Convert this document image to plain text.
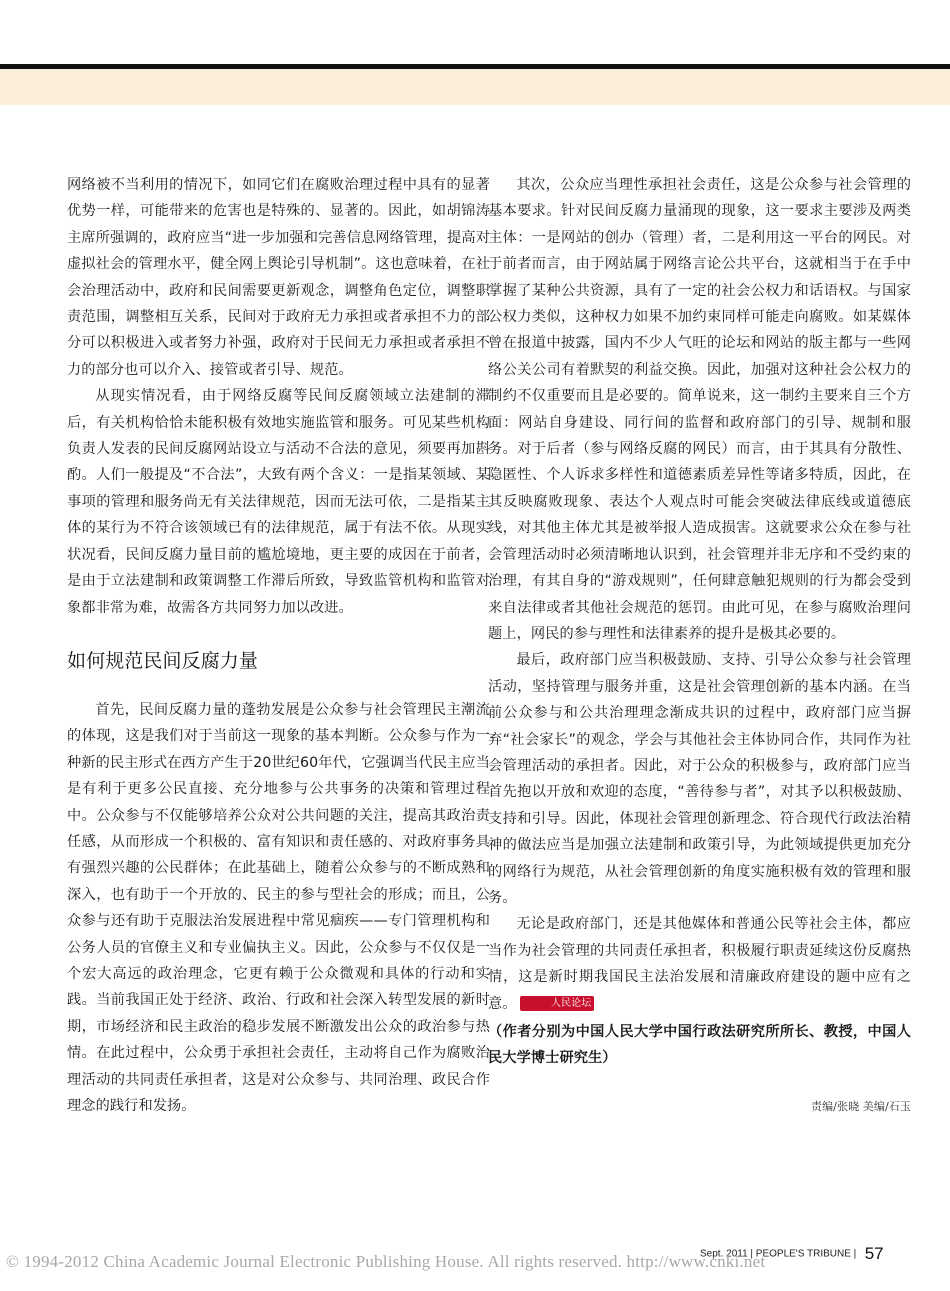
网络被不当利用的情况下，如同它们在腐败治理过程中具有的显著优势一样，可能带来的危害也是特殊的、显著的。因此，如胡锦涛主席所强调的，政府应当“进一步加强和完善信息网络管理，提高对虚拟社会的管理水平，健全网上舆论引导机制”。这也意味着，在社会治理活动中，政府和民间需要更新观念，调整角色定位，调整职责范围，调整相互关系，民间对于政府无力承担或者承担不力的部分可以积极进入或者努力补强，政府对于民间无力承担或者承担不力的部分也可以介入、接管或者引导、规范。

从现实情况看，由于网络反腐等民间反腐领域立法建制的滞后，有关机构恰恰未能积极有效地实施监管和服务。可见某些机构负责人发表的民间反腐网站设立与活动不合法的意见，须要再加斟酌。人们一般提及“不合法”，大致有两个含义：一是指某领域、某事项的管理和服务尚无有关法律规范，因而无法可依，二是指某主体的某行为不符合该领域已有的法律规范，属于有法不依。从现实状况看，民间反腐力量目前的尴尬境地，更主要的成因在于前者，是由于立法建制和政策调整工作滞后所致，导致监管机构和监管对象都非常为难，故需各方共同努力加以改进。

如何规范民间反腐力量

首先，民间反腐力量的蓬勃发展是公众参与社会管理民主潮流的体现，这是我们对于当前这一现象的基本判断。公众参与作为一种新的民主形式在西方产生于20世纪60年代，它强调当代民主应当是有利于更多公民直接、充分地参与公共事务的决策和管理过程中。公众参与不仅能够培养公众对公共问题的关注，提高其政治责任感，从而形成一个积极的、富有知识和责任感的、对政府事务具有强烈兴趣的公民群体；在此基础上，随着公众参与的不断成熟和深入，也有助于一个开放的、民主的参与型社会的形成；而且，公众参与还有助于克服法治发展进程中常见痼疾——专门管理机构和公务人员的官僚主义和专业偏执主义。因此，公众参与不仅仅是一个宏大高远的政治理念，它更有赖于公众微观和具体的行动和实践。当前我国正处于经济、政治、行政和社会深入转型发展的新时期，市场经济和民主政治的稳步发展不断激发出公众的政治参与热情。在此过程中，公众勇于承担社会责任，主动将自己作为腐败治理活动的共同责任承担者，这是对公众参与、共同治理、政民合作理念的践行和发扬。

其次，公众应当理性承担社会责任，这是公众参与社会管理的基本要求。针对民间反腐力量涌现的现象，这一要求主要涉及两类主体：一是网站的创办（管理）者，二是利用这一平台的网民。对于前者而言，由于网站属于网络言论公共平台，这就相当于在手中掌握了某种公共资源，具有了一定的社会公权力和话语权。与国家公权力类似，这种权力如果不加约束同样可能走向腐败。如某媒体曾在报道中披露，国内不少人气旺的论坛和网站的版主都与一些网络公关公司有着默契的利益交换。因此，加强对这种社会公权力的制约不仅重要而且是必要的。简单说来，这一制约主要来自三个方面：网站自身建设、同行间的监督和政府部门的引导、规制和服务。对于后者（参与网络反腐的网民）而言，由于其具有分散性、隐匿性、个人诉求多样性和道德素质差异性等诸多特质，因此，在其反映腐败现象、表达个人观点时可能会突破法律底线或道德底线，对其他主体尤其是被举报人造成损害。这就要求公众在参与社会管理活动时必须清晰地认识到，社会管理并非无序和不受约束的治理，有其自身的“游戏规则”，任何肆意触犯规则的行为都会受到来自法律或者其他社会规范的惩罚。由此可见，在参与腐败治理问题上，网民的参与理性和法律素养的提升是极其必要的。

最后，政府部门应当积极鼓励、支持、引导公众参与社会管理活动，坚持管理与服务并重，这是社会管理创新的基本内涵。在当前公众参与和公共治理理念渐成共识的过程中，政府部门应当摒弃“社会家长”的观念，学会与其他社会主体协同合作，共同作为社会管理活动的承担者。因此，对于公众的积极参与，政府部门应当首先抱以开放和欢迎的态度，“善待参与者”，对其予以积极鼓励、支持和引导。因此，体现社会管理创新理念、符合现代行政法治精神的做法应当是加强立法建制和政策引导，为此领域提供更加充分的网络行为规范，从社会管理创新的角度实施积极有效的管理和服务。

无论是政府部门，还是其他媒体和普通公民等社会主体，都应当作为社会管理的共同责任承担者，积极履行职责延续这份反腐热情，这是新时期我国民主法治发展和清廉政府建设的题中应有之意。	人民论坛

（作者分别为中国人民大学中国行政法研究所所长、教授，中国人民大学博士研究生）

责编/张晓 美编/石玉

Sept. 2011 | PEOPLE'S TRIBUNE | 57
© 1994-2012 China Academic Journal Electronic Publishing House. All rights reserved. http://www.cnki.net
